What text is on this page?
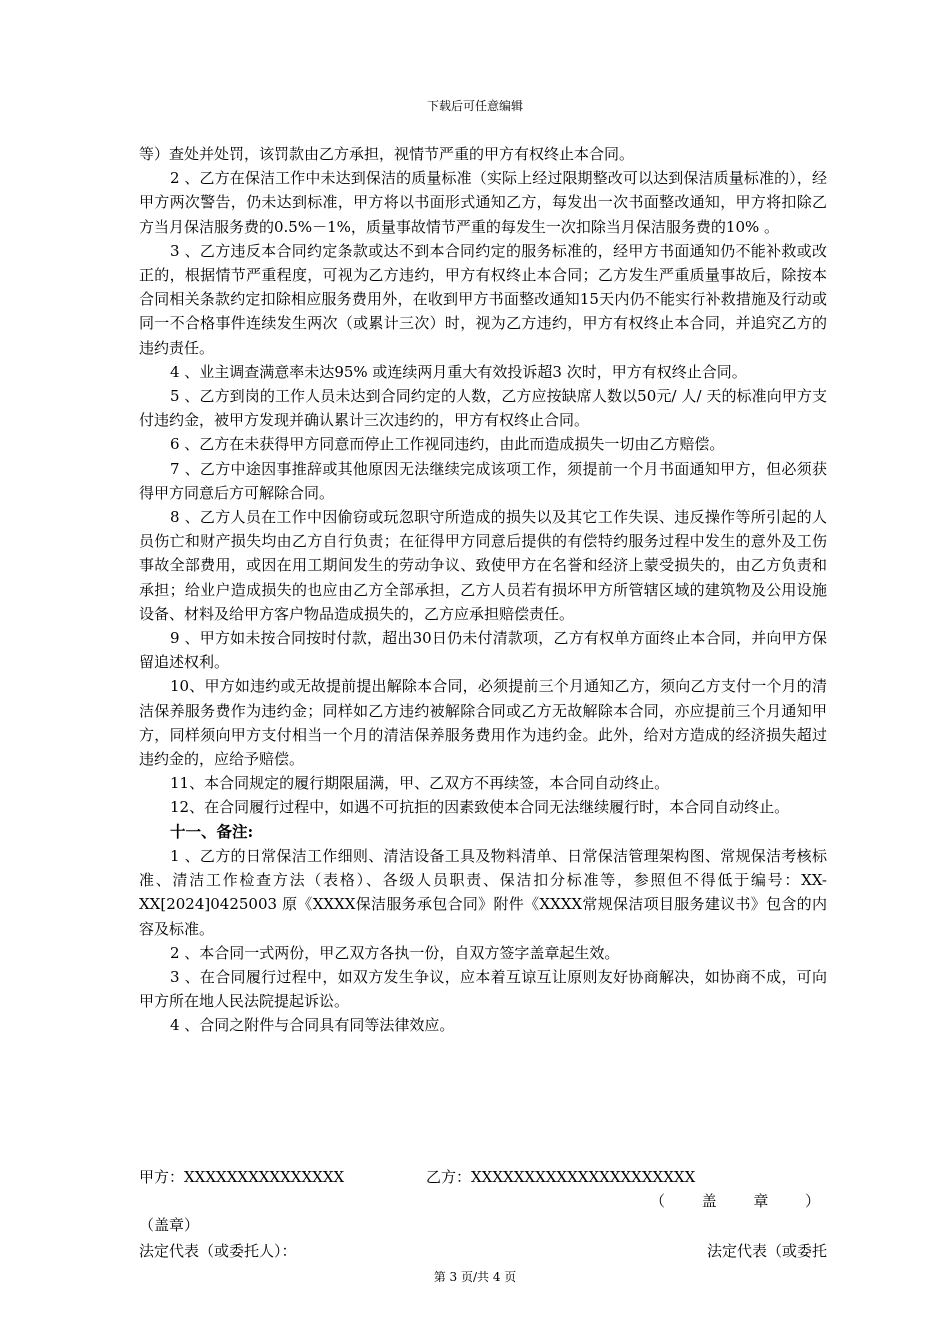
下载后可任意编辑

等）查处并处罚，该罚款由乙方承担，视情节严重的甲方有权终止本合同。

2 、乙方在保洁工作中未达到保洁的质量标准（实际上经过限期整改可以达到保洁质量标准的），经甲方两次警告，仍未达到标准，甲方将以书面形式通知乙方，每发出一次书面整改通知，甲方将扣除乙方当月保洁服务费的0.5%－1%，质量事故情节严重的每发生一次扣除当月保洁服务费的10% 。

3 、乙方违反本合同约定条款或达不到本合同约定的服务标准的，经甲方书面通知仍不能补救或改正的，根据情节严重程度，可视为乙方违约，甲方有权终止本合同；乙方发生严重质量事故后，除按本合同相关条款约定扣除相应服务费用外，在收到甲方书面整改通知15天内仍不能实行补救措施及行动或同一不合格事件连续发生两次（或累计三次）时，视为乙方违约，甲方有权终止本合同，并追究乙方的违约责任。

4 、业主调查满意率未达95% 或连续两月重大有效投诉超3 次时，甲方有权终止合同。

5 、乙方到岗的工作人员未达到合同约定的人数，乙方应按缺席人数以50元/ 人/ 天的标准向甲方支付违约金，被甲方发现并确认累计三次违约的，甲方有权终止合同。

6 、乙方在未获得甲方同意而停止工作视同违约，由此而造成损失一切由乙方赔偿。

7 、乙方中途因事推辞或其他原因无法继续完成该项工作，须提前一个月书面通知甲方，但必须获得甲方同意后方可解除合同。

8 、乙方人员在工作中因偷窃或玩忽职守所造成的损失以及其它工作失误、违反操作等所引起的人员伤亡和财产损失均由乙方自行负责；在征得甲方同意后提供的有偿特约服务过程中发生的意外及工伤事故全部费用，或因在用工期间发生的劳动争议、致使甲方在名誉和经济上蒙受损失的，由乙方负责和承担；给业户造成损失的也应由乙方全部承担，乙方人员若有损坏甲方所管辖区域的建筑物及公用设施设备、材料及给甲方客户物品造成损失的，乙方应承担赔偿责任。

9 、甲方如未按合同按时付款，超出30日仍未付清款项，乙方有权单方面终止本合同，并向甲方保留追述权利。

10、甲方如违约或无故提前提出解除本合同，必须提前三个月通知乙方，须向乙方支付一个月的清洁保养服务费作为违约金；同样如乙方违约被解除合同或乙方无故解除本合同，亦应提前三个月通知甲方，同样须向甲方支付相当一个月的清洁保养服务费用作为违约金。此外，给对方造成的经济损失超过违约金的，应给予赔偿。

11、本合同规定的履行期限届满，甲、乙双方不再续签，本合同自动终止。

12、在合同履行过程中，如遇不可抗拒的因素致使本合同无法继续履行时，本合同自动终止。

十一、备注:

1 、乙方的日常保洁工作细则、清洁设备工具及物料清单、日常保洁管理架构图、常规保洁考核标准、清洁工作检查方法（表格）、各级人员职责、保洁扣分标准等，参照但不得低于编号：XX-XX[2024]0425003 原《XXXX保洁服务承包合同》附件《XXXX常规保洁项目服务建议书》包含的内容及标准。

2 、本合同一式两份，甲乙双方各执一份，自双方签字盖章起生效。

3 、在合同履行过程中，如双方发生争议，应本着互谅互让原则友好协商解决，如协商不成，可向甲方所在地人民法院提起诉讼。

4 、合同之附件与合同具有同等法律效应。

甲方：XXXXXXXXXXXXXXX	乙方：XXXXXXXXXXXXXXXXXXXXX
（ 盖 章 ）
（盖章）
法定代表（或委托人）：	法定代表（或委托
第 3 页/共 4 页
